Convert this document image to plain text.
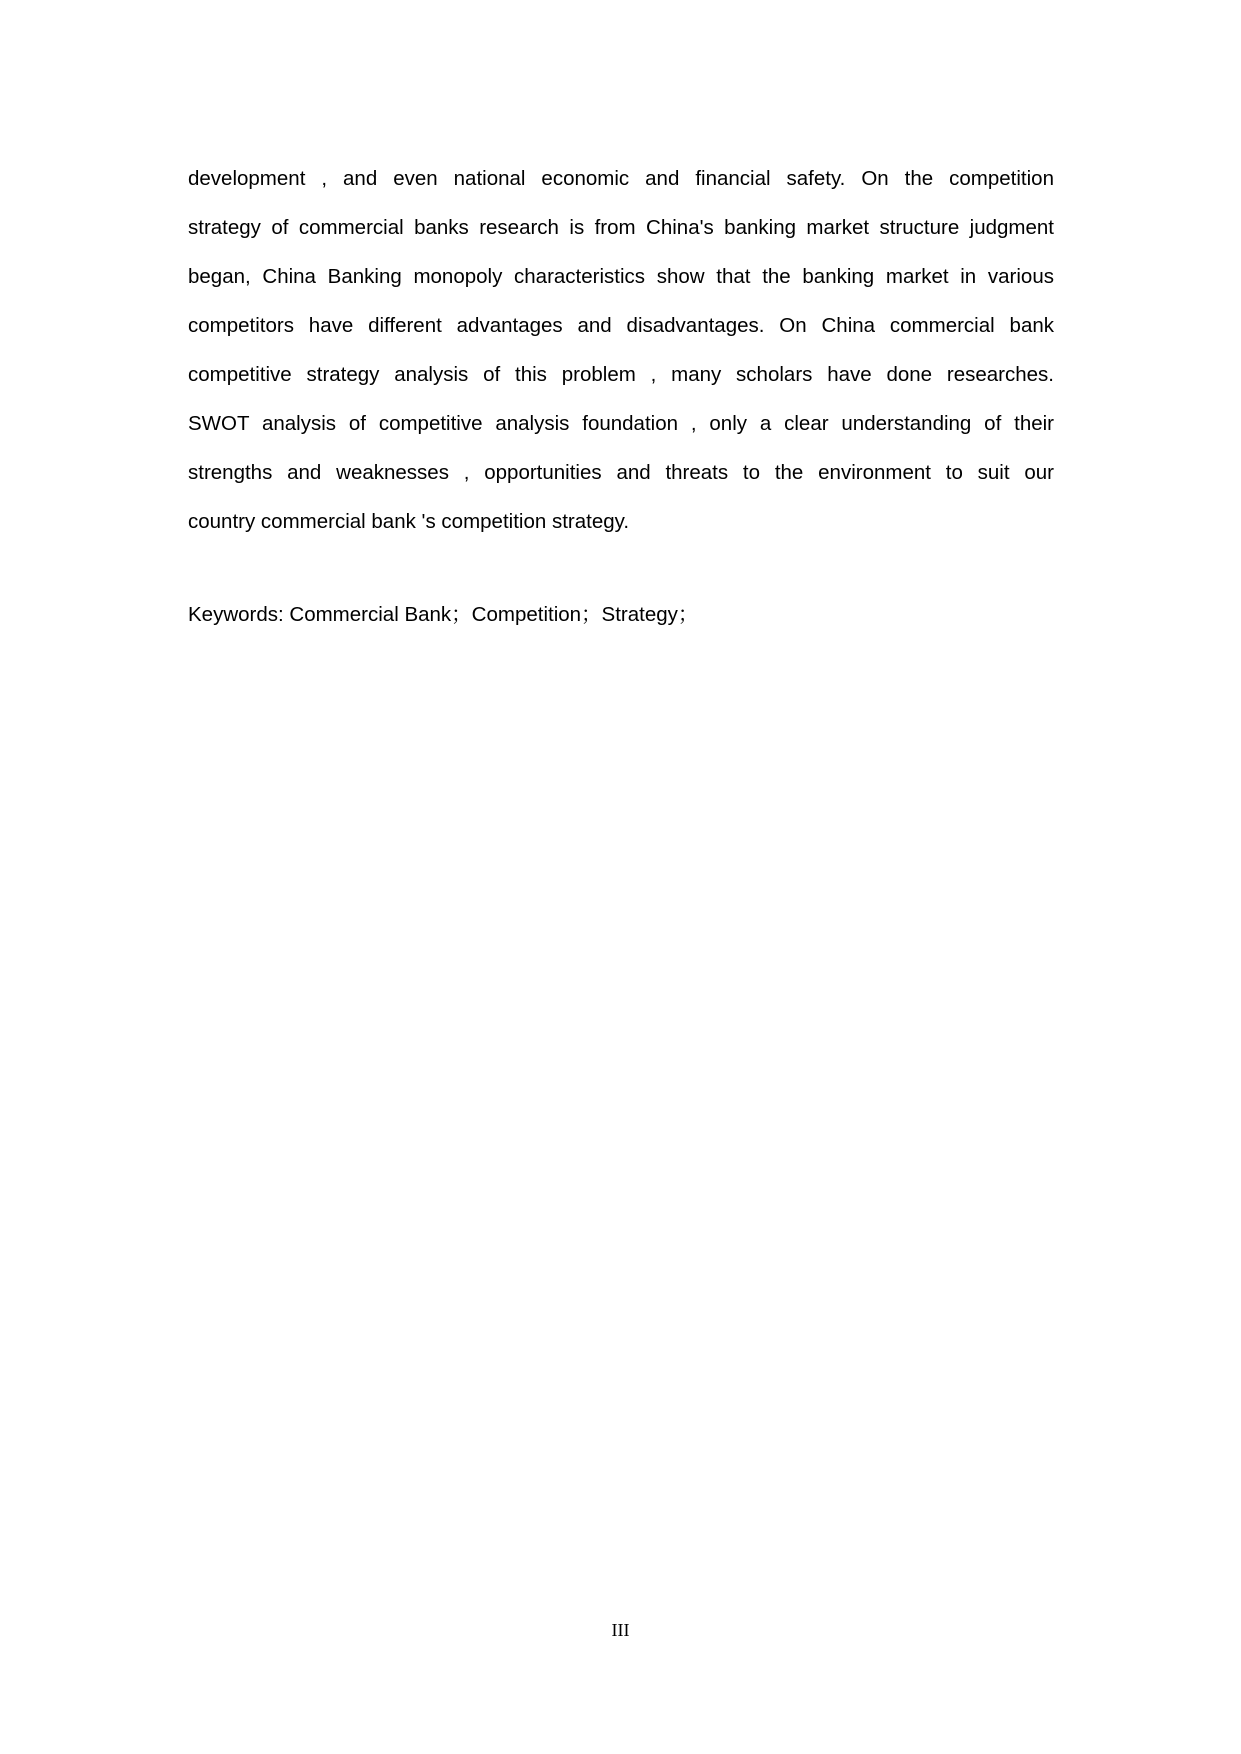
development , and even national economic and financial safety. On the competition
strategy of commercial banks research is from China's banking market structure judgment
began, China Banking monopoly characteristics show that the banking market in various
competitors have different advantages and disadvantages. On China commercial bank
competitive strategy analysis of this problem , many scholars have done researches.
SWOT analysis of competitive analysis foundation , only a clear understanding of their
strengths and weaknesses , opportunities and threats to the environment to suit our
country commercial bank 's competition strategy.
Keywords: Commercial Bank；Competition；Strategy；
III
